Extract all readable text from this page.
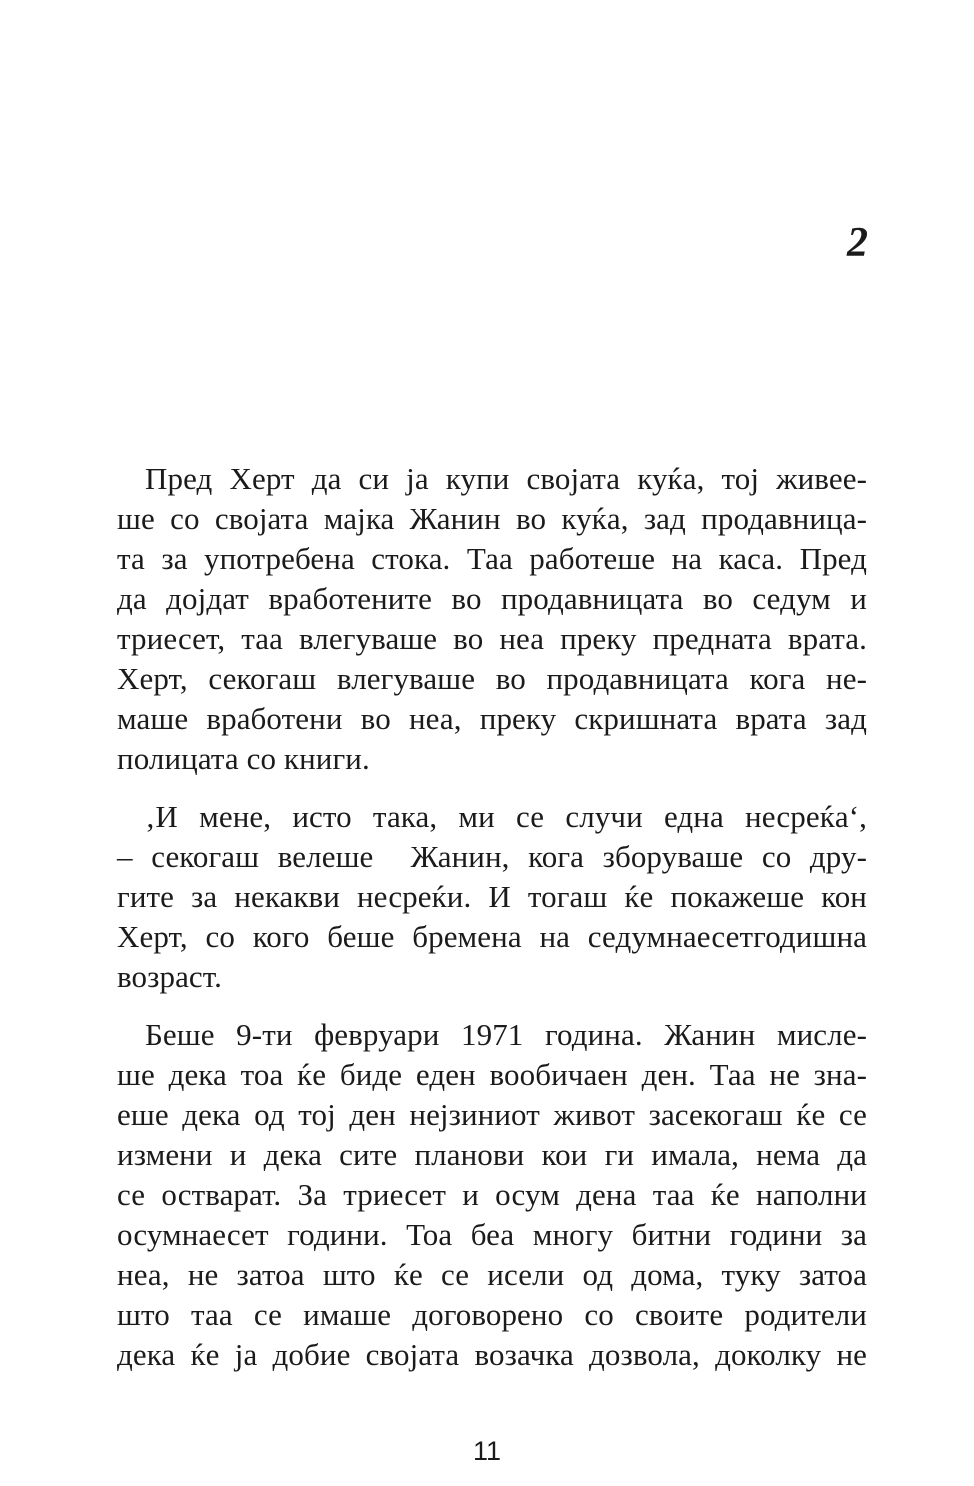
2
Пред Херт да си ја купи својата куќа, тој живее-
ше со својата мајка Жанин во куќа, зад продавница-
та за употребена стока. Таа работеше на каса. Пред
да дојдат вработените во продавницата во седум и
триесет, таа влегуваше во неа преку предната врата.
Херт, секогаш влегуваше во продавницата кога не-
маше вработени во неа, преку скришната врата зад
полицата со книги.
‚И мене, исто така, ми се случи една несреќа‘,
– секогаш велеше  Жанин, кога зборуваше со дру-
гите за некакви несреќи. И тогаш ќе покажеше кон
Херт, со кого беше бремена на седумнаесетгодишна
возраст.
Беше 9-ти февруари 1971 година. Жанин мисле-
ше дека тоа ќе биде еден вообичаен ден. Таа не зна-
еше дека од тој ден нејзиниот живот засекогаш ќе се
измени и дека сите планови кои ги имала, нема да
се остварат. За триесет и осум дена таа ќе наполни
осумнаесет години. Тоа беа многу битни години за
неа, не затоа што ќе се исели од дома, туку затоа
што таа се имаше договорено со своите родители
дека ќе ја добие својата возачка дозвола, доколку не
11
